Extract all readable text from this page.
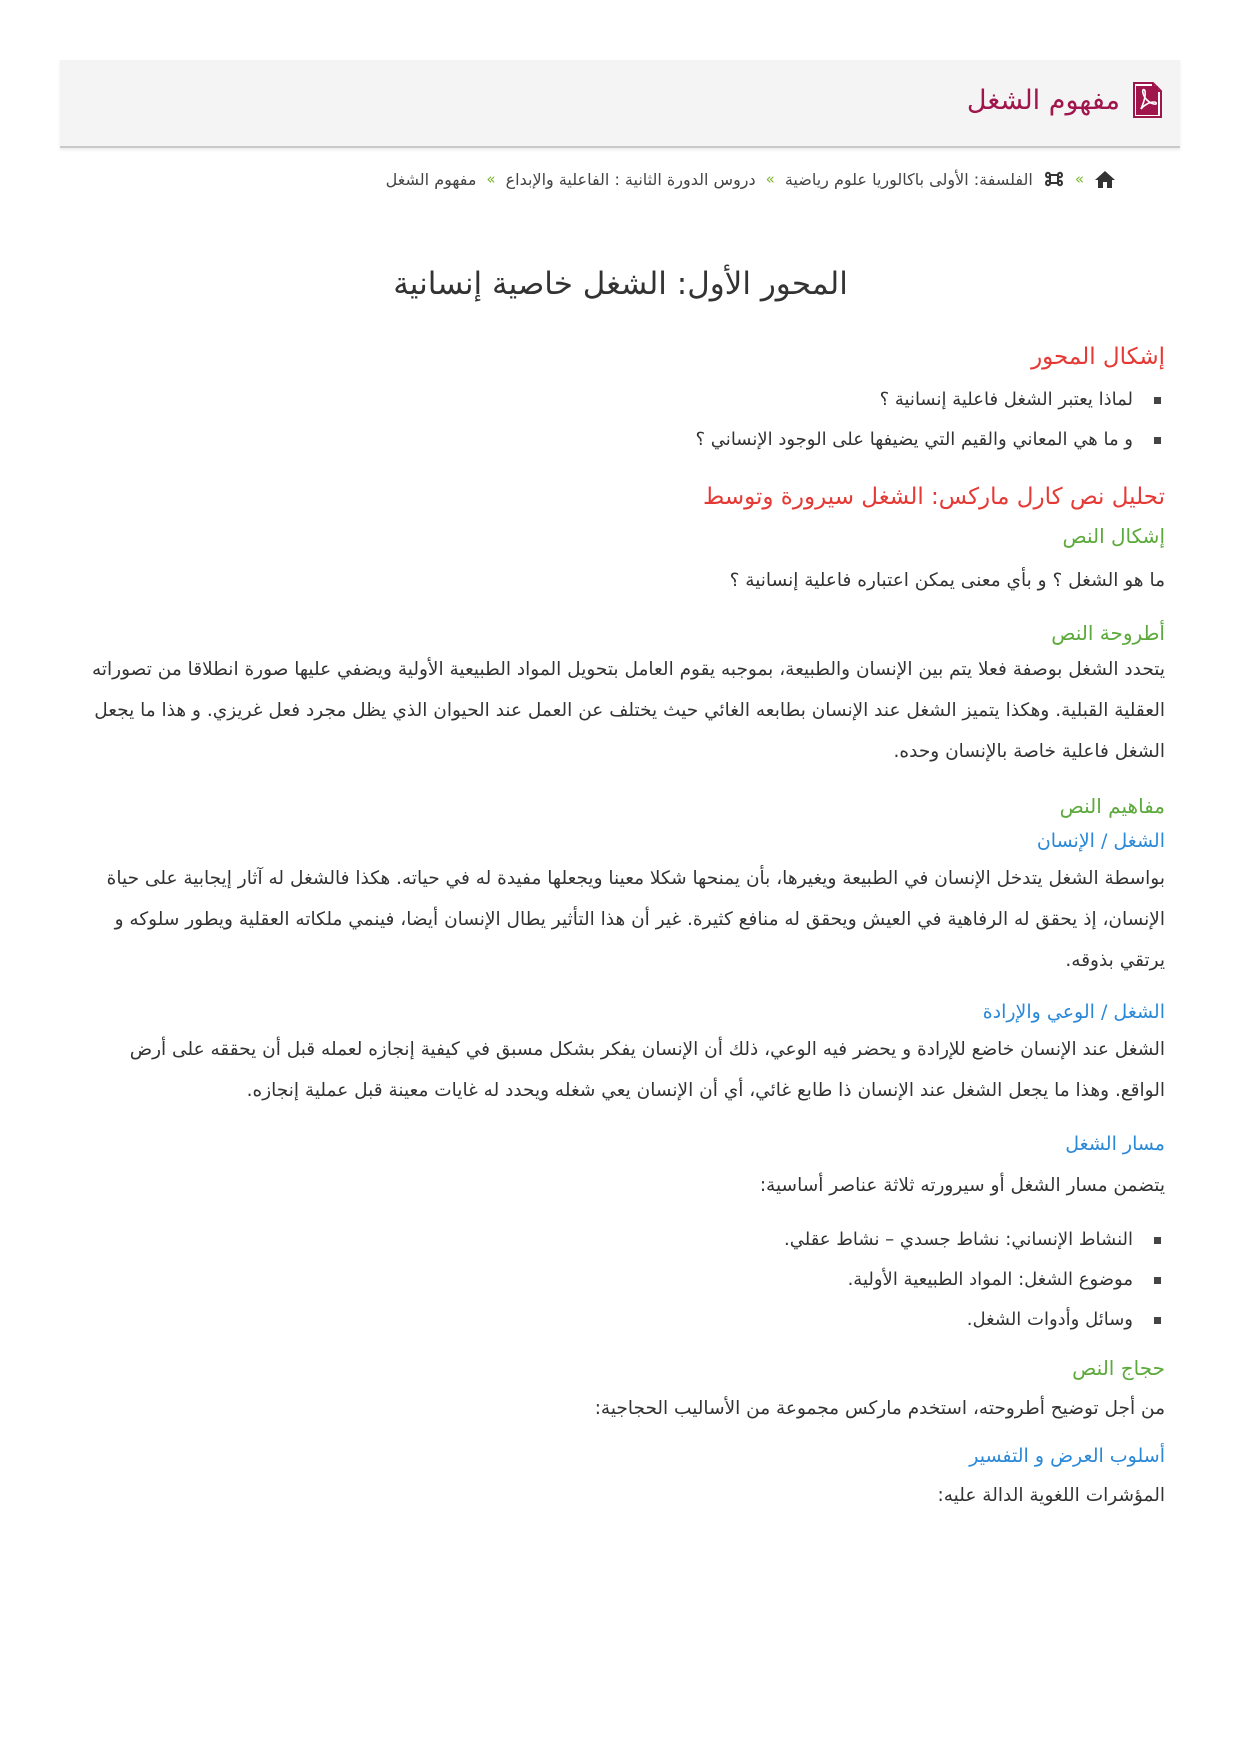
مفهوم الشغل
»
الفلسفة: الأولى باكالوريا علوم رياضية
»
دروس الدورة الثانية : الفاعلية والإبداع
»
مفهوم الشغل
المحور الأول: الشغل خاصية إنسانية
إشكال المحور
لماذا يعتبر الشغل فاعلية إنسانية ؟
و ما هي المعاني والقيم التي يضيفها على الوجود الإنساني ؟
تحليل نص كارل ماركس: الشغل سيرورة وتوسط
إشكال النص

ما هو الشغل ؟ و بأي معنى يمكن اعتباره فاعلية إنسانية ؟

أطروحة النص

يتحدد الشغل بوصفة فعلا يتم بين الإنسان والطبيعة، بموجبه يقوم العامل بتحويل المواد الطبيعية الأولية ويضفي عليها صورة انطلاقا من تصوراته العقلية القبلية. وهكذا يتميز الشغل عند الإنسان بطابعه الغائي حيث يختلف عن العمل عند الحيوان الذي يظل مجرد فعل غريزي. و هذا ما يجعل الشغل فاعلية خاصة بالإنسان وحده.

مفاهيم النص
الشغل / الإنسان

بواسطة الشغل يتدخل الإنسان في الطبيعة ويغيرها، بأن يمنحها شكلا معينا ويجعلها مفيدة له في حياته. هكذا فالشغل له آثار إيجابية على حياة الإنسان، إذ يحقق له الرفاهية في العيش ويحقق له منافع كثيرة. غير أن هذا التأثير يطال الإنسان أيضا، فينمي ملكاته العقلية ويطور سلوكه و يرتقي بذوقه.

الشغل / الوعي والإرادة

الشغل عند الإنسان خاضع للإرادة و يحضر فيه الوعي، ذلك أن الإنسان يفكر بشكل مسبق في كيفية إنجازه لعمله قبل أن يحققه على أرض الواقع. وهذا ما يجعل الشغل عند الإنسان ذا طابع غائي، أي أن الإنسان يعي شغله ويحدد له غايات معينة قبل عملية إنجازه.

مسار الشغل

يتضمن مسار الشغل أو سيرورته ثلاثة عناصر أساسية:

النشاط الإنساني: نشاط جسدي – نشاط عقلي.
موضوع الشغل: المواد الطبيعية الأولية.
وسائل وأدوات الشغل.
حجاج النص

من أجل توضيح أطروحته، استخدم ماركس مجموعة من الأساليب الحجاجية:

أسلوب العرض و التفسير

المؤشرات اللغوية الدالة عليه:
